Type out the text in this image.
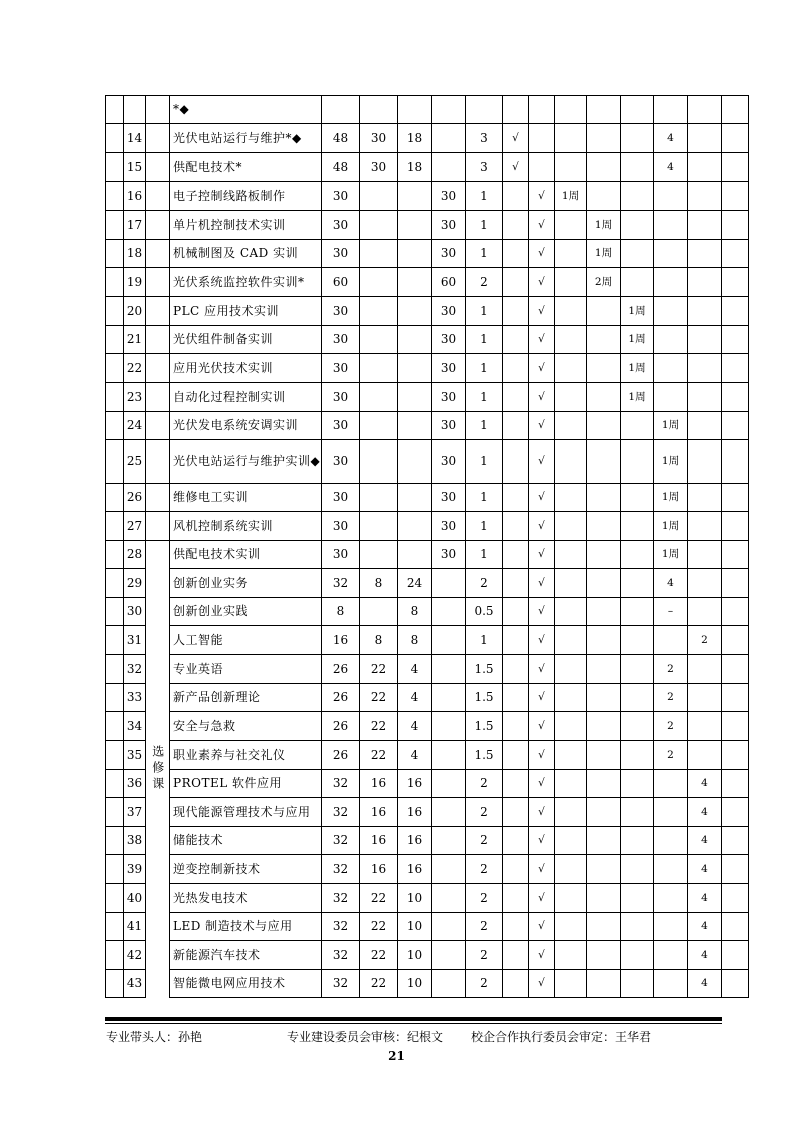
			*◆													
	14		光伏电站运行与维护*◆	48	30	18		3	√					4		
	15		供配电技术*	48	30	18		3	√					4		
	16		电子控制线路板制作	30			30	1		√	1周					
	17		单片机控制技术实训	30			30	1		√		1周				
	18		机械制图及 CAD 实训	30			30	1		√		1周				
	19		光伏系统监控软件实训*	60			60	2		√		2周				
	20		PLC 应用技术实训	30			30	1		√			1周			
	21		光伏组件制备实训	30			30	1		√			1周			
	22		应用光伏技术实训	30			30	1		√			1周			
	23		自动化过程控制实训	30			30	1		√			1周			
	24		光伏发电系统安调实训	30			30	1		√				1周		
	25		光伏电站运行与维护实训◆	30			30	1		√				1周		
	26		维修电工实训	30			30	1		√				1周		
	27		风机控制系统实训	30			30	1		√				1周		
	28	选修课	供配电技术实训	30			30	1		√				1周		
	29		创新创业实务	32	8	24		2		√				4		
	30		创新创业实践	8		8		0.5		√				–		
	31		人工智能	16	8	8		1		√					2	
	32		专业英语	26	22	4		1.5		√				2		
	33		新产品创新理论	26	22	4		1.5		√				2		
	34		安全与急救	26	22	4		1.5		√				2		
	35		职业素养与社交礼仪	26	22	4		1.5		√				2		
	36		PROTEL 软件应用	32	16	16		2		√					4	
	37		现代能源管理技术与应用	32	16	16		2		√					4	
	38		储能技术	32	16	16		2		√					4	
	39		逆变控制新技术	32	16	16		2		√					4	
	40		光热发电技术	32	22	10		2		√					4	
	41		LED 制造技术与应用	32	22	10		2		√					4	
	42		新能源汽车技术	32	22	10		2		√					4	
	43		智能微电网应用技术	32	22	10		2		√					4	
专业带头人：孙艳	专业建设委员会审核：纪根文 校企合作执行委员会审定：王华君
21
